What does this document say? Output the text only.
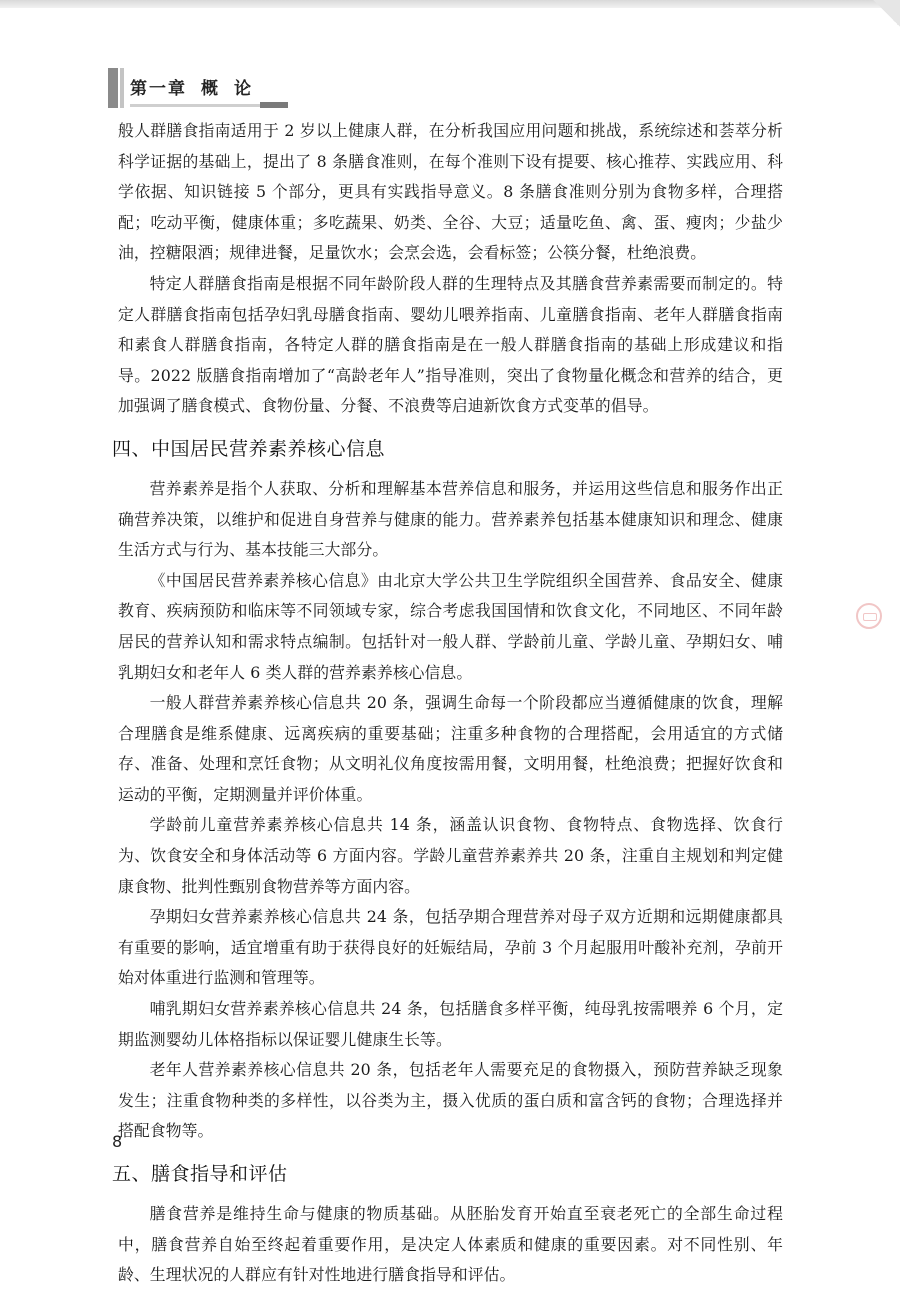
第一章 概 论

般人群膳食指南适用于 2 岁以上健康人群，在分析我国应用问题和挑战，系统综述和荟萃分析科学证据的基础上，提出了 8 条膳食准则，在每个准则下设有提要、核心推荐、实践应用、科学依据、知识链接 5 个部分，更具有实践指导意义。8 条膳食准则分别为食物多样，合理搭配；吃动平衡，健康体重；多吃蔬果、奶类、全谷、大豆；适量吃鱼、禽、蛋、瘦肉；少盐少油，控糖限酒；规律进餐，足量饮水；会烹会选，会看标签；公筷分餐，杜绝浪费。

特定人群膳食指南是根据不同年龄阶段人群的生理特点及其膳食营养素需要而制定的。特定人群膳食指南包括孕妇乳母膳食指南、婴幼儿喂养指南、儿童膳食指南、老年人群膳食指南和素食人群膳食指南，各特定人群的膳食指南是在一般人群膳食指南的基础上形成建议和指导。2022 版膳食指南增加了“高龄老年人”指导准则，突出了食物量化概念和营养的结合，更加强调了膳食模式、食物份量、分餐、不浪费等启迪新饮食方式变革的倡导。

四、中国居民营养素养核心信息

营养素养是指个人获取、分析和理解基本营养信息和服务，并运用这些信息和服务作出正确营养决策，以维护和促进自身营养与健康的能力。营养素养包括基本健康知识和理念、健康生活方式与行为、基本技能三大部分。

《中国居民营养素养核心信息》由北京大学公共卫生学院组织全国营养、食品安全、健康教育、疾病预防和临床等不同领域专家，综合考虑我国国情和饮食文化，不同地区、不同年龄居民的营养认知和需求特点编制。包括针对一般人群、学龄前儿童、学龄儿童、孕期妇女、哺乳期妇女和老年人 6 类人群的营养素养核心信息。

一般人群营养素养核心信息共 20 条，强调生命每一个阶段都应当遵循健康的饮食，理解合理膳食是维系健康、远离疾病的重要基础；注重多种食物的合理搭配，会用适宜的方式储存、准备、处理和烹饪食物；从文明礼仪角度按需用餐，文明用餐，杜绝浪费；把握好饮食和运动的平衡，定期测量并评价体重。

学龄前儿童营养素养核心信息共 14 条，涵盖认识食物、食物特点、食物选择、饮食行为、饮食安全和身体活动等 6 方面内容。学龄儿童营养素养共 20 条，注重自主规划和判定健康食物、批判性甄别食物营养等方面内容。

孕期妇女营养素养核心信息共 24 条，包括孕期合理营养对母子双方近期和远期健康都具有重要的影响，适宜增重有助于获得良好的妊娠结局，孕前 3 个月起服用叶酸补充剂，孕前开始对体重进行监测和管理等。

哺乳期妇女营养素养核心信息共 24 条，包括膳食多样平衡，纯母乳按需喂养 6 个月，定期监测婴幼儿体格指标以保证婴儿健康生长等。

老年人营养素养核心信息共 20 条，包括老年人需要充足的食物摄入，预防营养缺乏现象发生；注重食物种类的多样性，以谷类为主，摄入优质的蛋白质和富含钙的食物；合理选择并搭配食物等。

五、膳食指导和评估

膳食营养是维持生命与健康的物质基础。从胚胎发育开始直至衰老死亡的全部生命过程中，膳食营养自始至终起着重要作用，是决定人体素质和健康的重要因素。对不同性别、年龄、生理状况的人群应有针对性地进行膳食指导和评估。

8
